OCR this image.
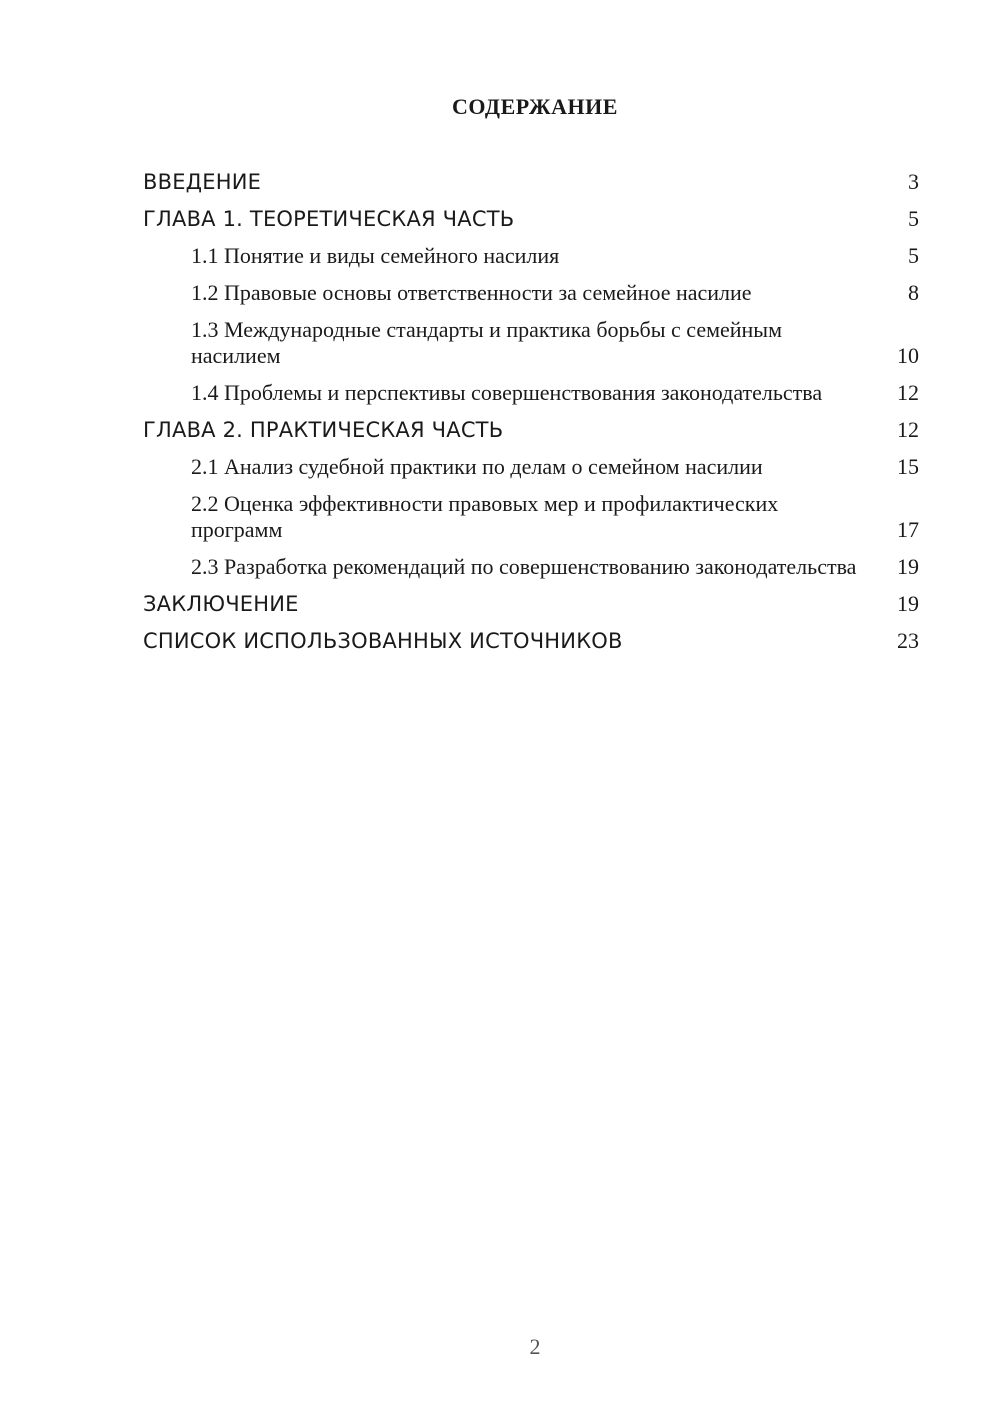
СОДЕРЖАНИЕ
ВВЕДЕНИЕ	3
ГЛАВА 1. ТЕОРЕТИЧЕСКАЯ ЧАСТЬ	5
1.1 Понятие и виды семейного насилия	5
1.2 Правовые основы ответственности за семейное насилие	8
1.3 Международные стандарты и практика борьбы с семейным насилием	10
1.4 Проблемы и перспективы совершенствования законодательства	12
ГЛАВА 2. ПРАКТИЧЕСКАЯ ЧАСТЬ	12
2.1 Анализ судебной практики по делам о семейном насилии	15
2.2 Оценка эффективности правовых мер и профилактических программ	17
2.3 Разработка рекомендаций по совершенствованию законодательства	19
ЗАКЛЮЧЕНИЕ	19
СПИСОК ИСПОЛЬЗОВАННЫХ ИСТОЧНИКОВ	23
2
